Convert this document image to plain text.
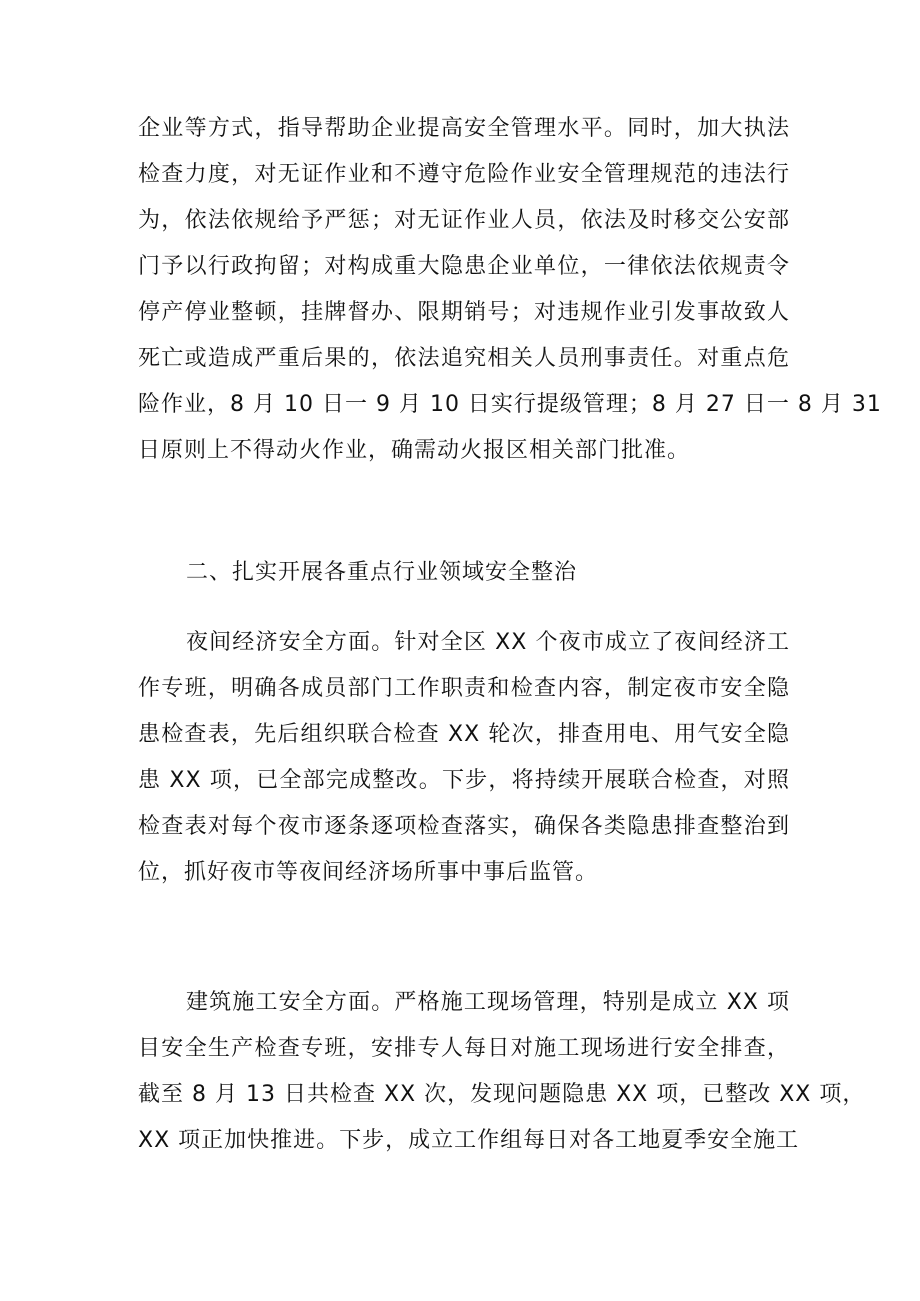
企业等方式，指导帮助企业提高安全管理水平。同时，加大执法
检查力度，对无证作业和不遵守危险作业安全管理规范的违法行
为，依法依规给予严惩；对无证作业人员，依法及时移交公安部
门予以行政拘留；对构成重大隐患企业单位，一律依法依规责令
停产停业整顿，挂牌督办、限期销号；对违规作业引发事故致人
死亡或造成严重后果的，依法追究相关人员刑事责任。对重点危
险作业，8 月 10 日一 9 月 10 日实行提级管理；8 月 27 日一 8 月 31
日原则上不得动火作业，确需动火报区相关部门批准。
二、扎实开展各重点行业领域安全整治
夜间经济安全方面。针对全区 XX 个夜市成立了夜间经济工
作专班，明确各成员部门工作职责和检查内容，制定夜市安全隐
患检查表，先后组织联合检查 XX 轮次，排查用电、用气安全隐
患 XX 项，已全部完成整改。下步，将持续开展联合检查，对照
检查表对每个夜市逐条逐项检查落实，确保各类隐患排查整治到
位，抓好夜市等夜间经济场所事中事后监管。
建筑施工安全方面。严格施工现场管理，特别是成立 XX 项
目安全生产检查专班，安排专人每日对施工现场进行安全排查，
截至 8 月 13 日共检查 XX 次，发现问题隐患 XX 项，已整改 XX 项，
XX 项正加快推进。下步，成立工作组每日对各工地夏季安全施工
